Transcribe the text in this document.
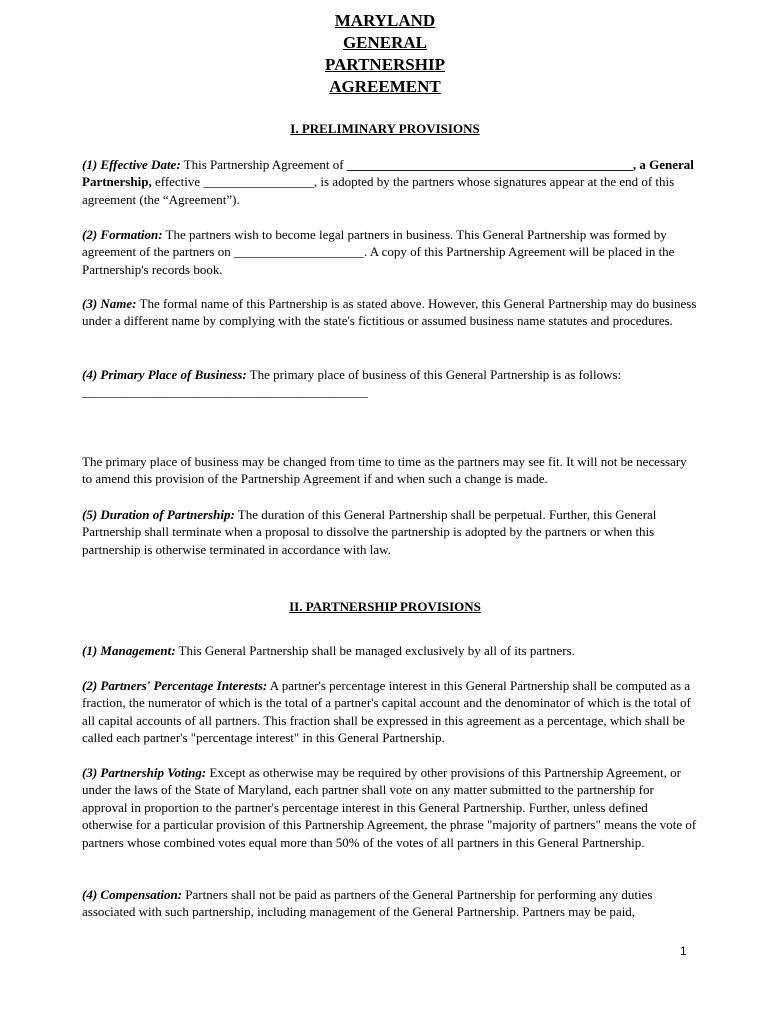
MARYLAND
GENERAL
PARTNERSHIP
AGREEMENT
I. PRELIMINARY PROVISIONS
(1) Effective Date: This Partnership Agreement of ____________________________________________, a General Partnership, effective _________________, is adopted by the partners whose signatures appear at the end of this agreement (the “Agreement”).
(2) Formation: The partners wish to become legal partners in business. This General Partnership was formed by agreement of the partners on ____________________. A copy of this Partnership Agreement will be placed in the Partnership's records book.
(3) Name: The formal name of this Partnership is as stated above. However, this General Partnership may do business under a different name by complying with the state's fictitious or assumed business name statutes and procedures.
(4) Primary Place of Business: The primary place of business of this General Partnership is as follows: ____________________________________________
The primary place of business may be changed from time to time as the partners may see fit. It will not be necessary to amend this provision of the Partnership Agreement if and when such a change is made.
(5) Duration of Partnership: The duration of this General Partnership shall be perpetual. Further, this General Partnership shall terminate when a proposal to dissolve the partnership is adopted by the partners or when this partnership is otherwise terminated in accordance with law.
II. PARTNERSHIP PROVISIONS
(1) Management: This General Partnership shall be managed exclusively by all of its partners.
(2) Partners' Percentage Interests: A partner's percentage interest in this General Partnership shall be computed as a fraction, the numerator of which is the total of a partner's capital account and the denominator of which is the total of all capital accounts of all partners. This fraction shall be expressed in this agreement as a percentage, which shall be called each partner's "percentage interest" in this General Partnership.
(3) Partnership Voting: Except as otherwise may be required by other provisions of this Partnership Agreement, or under the laws of the State of Maryland, each partner shall vote on any matter submitted to the partnership for approval in proportion to the partner's percentage interest in this General Partnership. Further, unless defined otherwise for a particular provision of this Partnership Agreement, the phrase "majority of partners" means the vote of partners whose combined votes equal more than 50% of the votes of all partners in this General Partnership.
(4) Compensation: Partners shall not be paid as partners of the General Partnership for performing any duties associated with such partnership, including management of the General Partnership. Partners may be paid,
1
